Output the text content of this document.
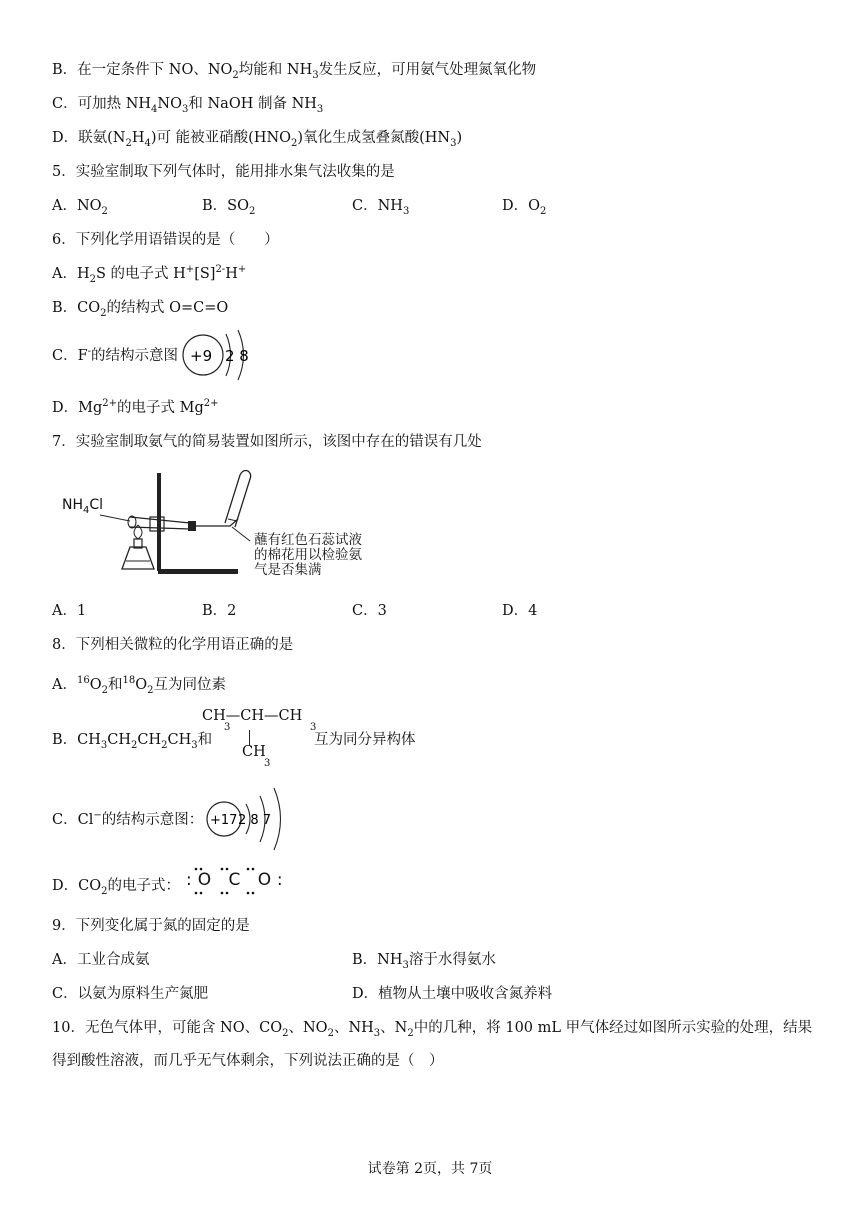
B．在一定条件下 NO、$NO_2$均能和 $NH_3$发生反应，可用氨气处理氮氧化物
C．可加热 $NH_4NO_3$和 NaOH 制备 $NH_3$
D．联氨$(N_2H_4)$可 能被亚硝酸$(HNO_2)$氧化生成氢叠氮酸$(HN_3)$
5．实验室制取下列气体时，能用排水集气法收集的是
A．$NO_2$	B．$SO_2$	C．$NH_3$	D．$O_2$
6．下列化学用语错误的是（　　）
A．$H_2S$ 的电子式 $H^+[S]^{2-}H^+$
B．$CO_2$的结构式 O=C=O
C．F-的结构示意图 +9 2 8
D．$Mg^{2+}$的电子式 $Mg^{2+}$
7．实验室制取氨气的简易装置如图所示，该图中存在的错误有几处
$NH_4Cl$
蘸有红色石蕊试液
的棉花用以检验氨
气是否集满
A．1	B．2	C．3	D．4
8．下列相关微粒的化学用语正确的是
A．$^{16}O_2$和$^{18}O_2$互为同位素
B．$CH_3CH_2CH_2CH_3$和
CH—CH—CH
3	3
CH
3
互为同分异构体
C．Cl−的结构示意图： +17 2 8 7
D．$CO_2$的电子式： :O C O:
9．下列变化属于氮的固定的是
A．工业合成氨	B．$NH_3$溶于水得氨水
C．以氨为原料生产氮肥	D．植物从土壤中吸收含氮养料
10．无色气体甲，可能含 NO、$CO_2$、$NO_2$、$NH_3$、$N_2$中的几种，将 100 mL 甲气体经过如图所示实验的处理，结果
得到酸性溶液，而几乎无气体剩余，下列说法正确的是（　）
试卷第 2页，共 7页
